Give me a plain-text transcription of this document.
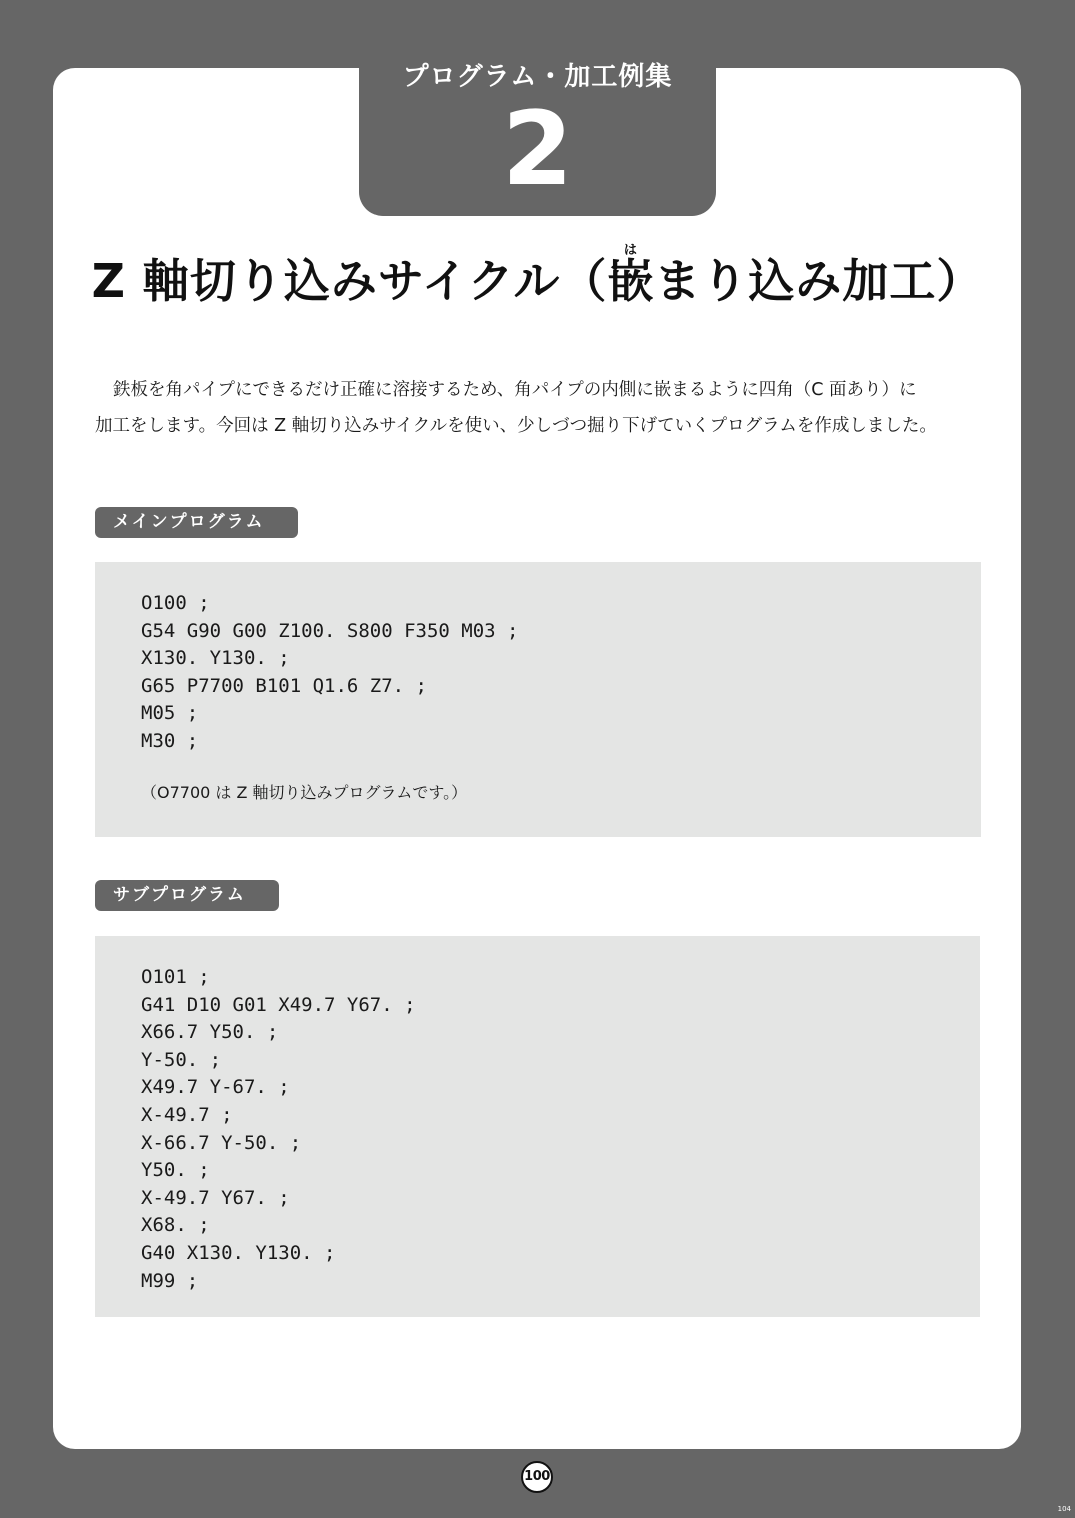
プログラム・加工例集
2
Z 軸切り込みサイクル（嵌はまり込み加工）

鉄板を角パイプにできるだけ正確に溶接するため、角パイプの内側に嵌まるように四角（C 面あり）に

加工をします。今回は Z 軸切り込みサイクルを使い、少しづつ掘り下げていくプログラムを作成しました。

メインプログラム
O100 ;
G54 G90 G00 Z100. S800 F350 M03 ;
X130. Y130. ;
G65 P7700 B101 Q1.6 Z7. ;
M05 ;
M30 ;
（O7700 は Z 軸切り込みプログラムです。）
サブプログラム
O101 ;
G41 D10 G01 X49.7 Y67. ;
X66.7 Y50. ;
Y-50. ;
X49.7 Y-67. ;
X-49.7 ;
X-66.7 Y-50. ;
Y50. ;
X-49.7 Y67. ;
X68. ;
G40 X130. Y130. ;
M99 ;
100
104
